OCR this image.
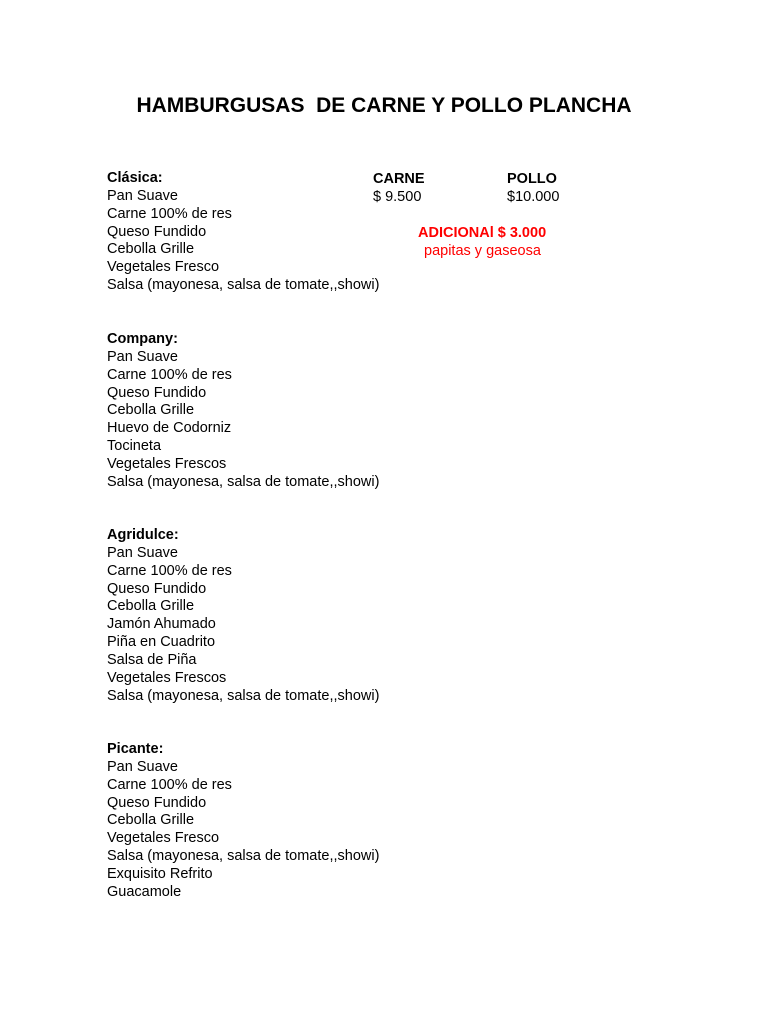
HAMBURGUSAS  DE CARNE Y POLLO PLANCHA
Clásica:
Pan Suave
Carne 100% de res
Queso Fundido
Cebolla Grille
Vegetales Fresco
Salsa (mayonesa, salsa de tomate,,showi)
CARNE	POLLO
$ 9.500	$10.000
ADICIONAl $ 3.000
papitas y gaseosa
Company:
Pan Suave
Carne 100% de res
Queso Fundido
Cebolla Grille
Huevo de Codorniz
Tocineta
Vegetales Frescos
Salsa (mayonesa, salsa de tomate,,showi)
Agridulce:
Pan Suave
Carne 100% de res
Queso Fundido
Cebolla Grille
Jamón Ahumado
Piña en Cuadrito
Salsa de Piña
Vegetales Frescos
Salsa (mayonesa, salsa de tomate,,showi)
Picante:
Pan Suave
Carne 100% de res
Queso Fundido
Cebolla Grille
Vegetales Fresco
Salsa (mayonesa, salsa de tomate,,showi)
Exquisito Refrito
Guacamole
